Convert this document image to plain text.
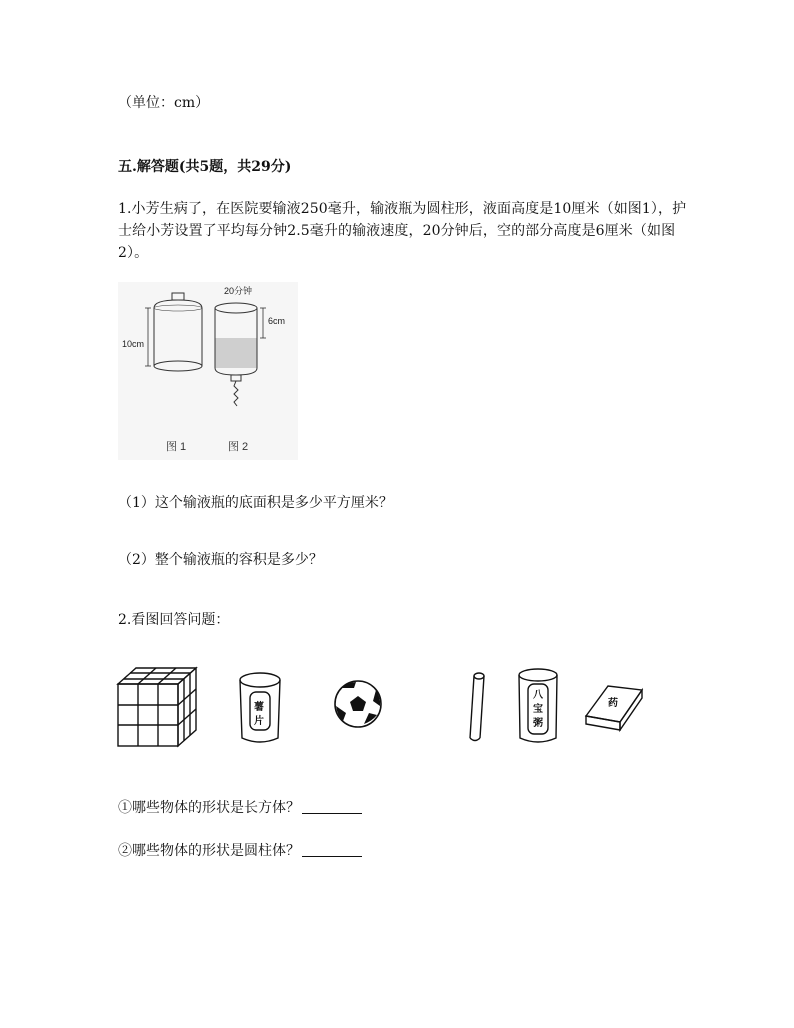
（单位：cm）
五.解答题(共5题，共29分)
1.小芳生病了，在医院要输液250毫升，输液瓶为圆柱形，液面高度是10厘米（如图1），护士给小芳设置了平均每分钟2.5毫升的输液速度，20分钟后，空的部分高度是6厘米（如图2）。
10cm
20分钟
6cm
图 1	图 2
（1）这个输液瓶的底面积是多少平方厘米？
（2）整个输液瓶的容积是多少？
2.看图回答问题：
薯
片
八
宝
粥
药
①哪些物体的形状是长方体？
②哪些物体的形状是圆柱体？
